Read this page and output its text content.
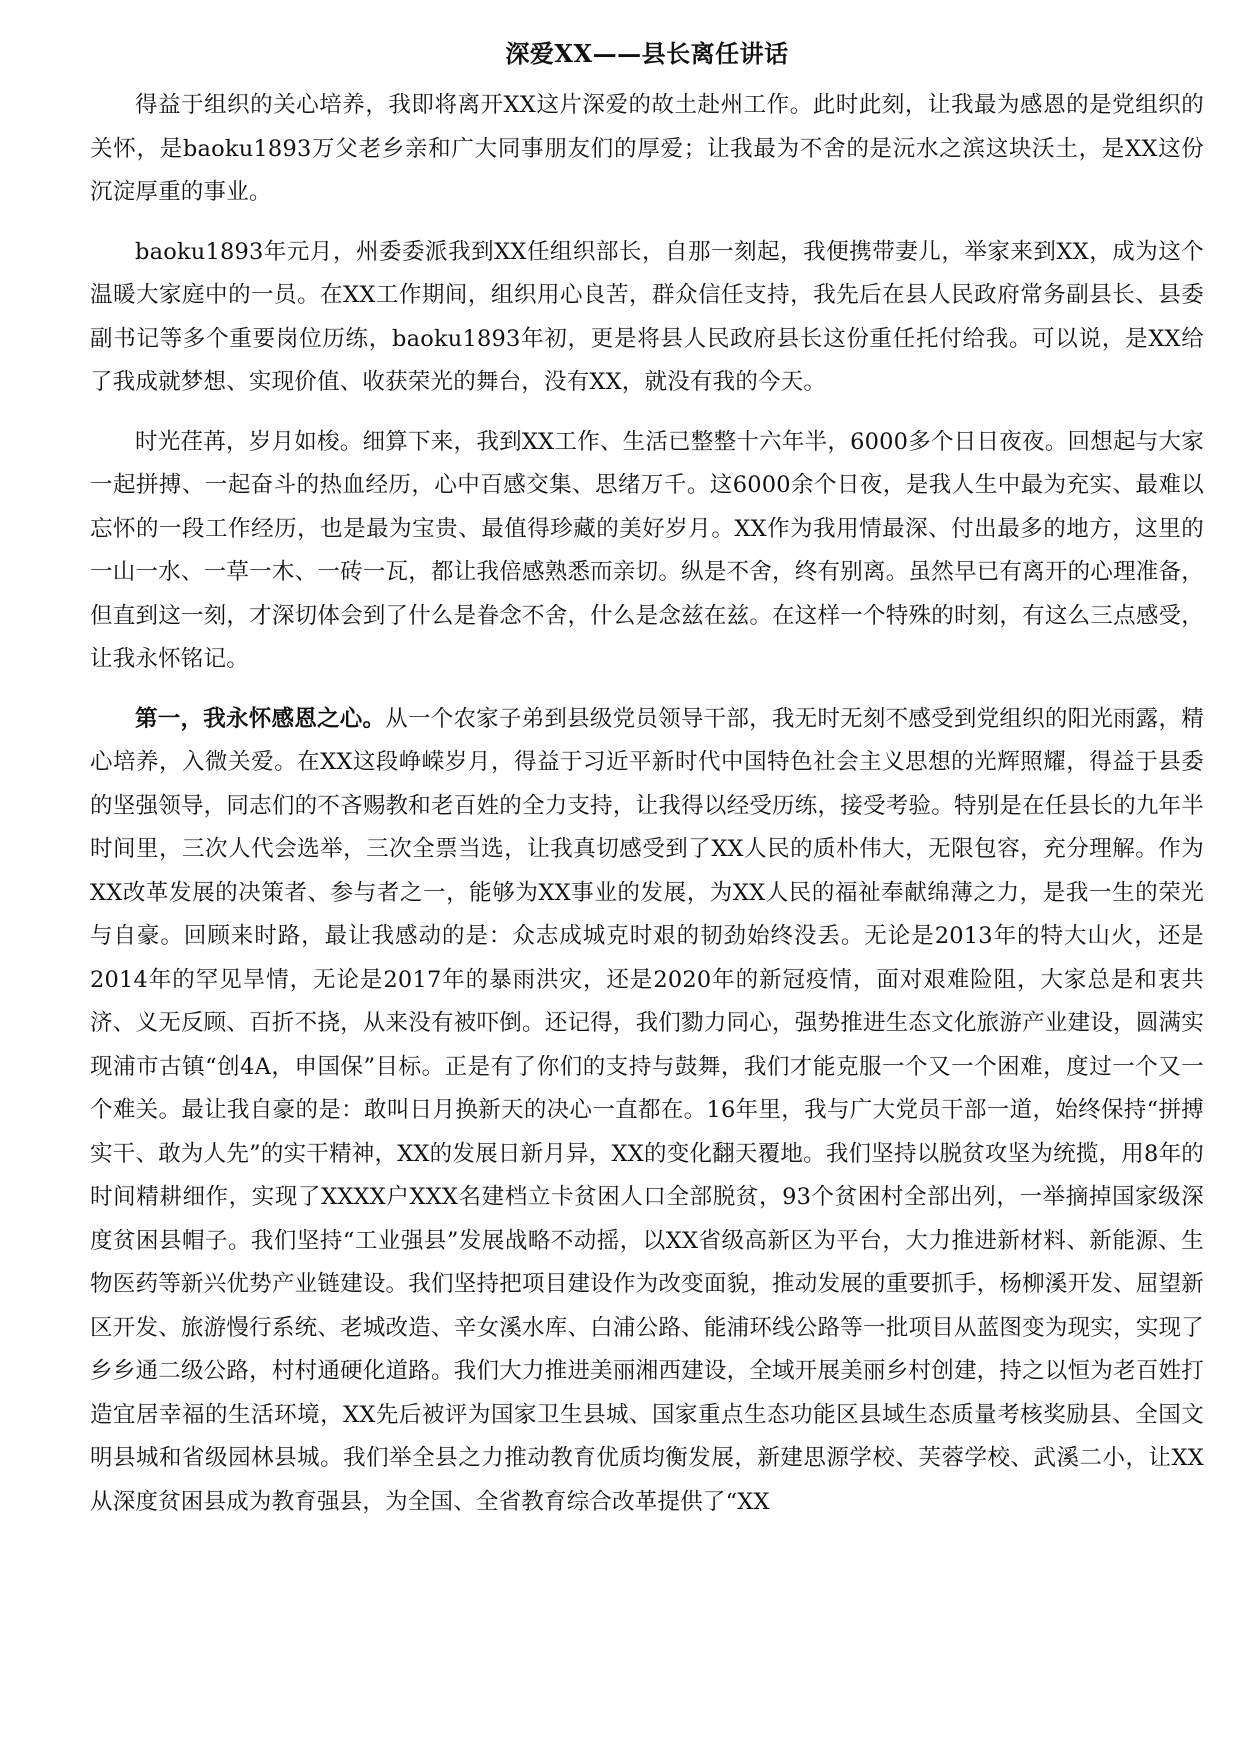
深爱XX——县长离任讲话

得益于组织的关心培养，我即将离开XX这片深爱的故土赴州工作。此时此刻，让我最为感恩的是党组织的关怀，是baoku1893万父老乡亲和广大同事朋友们的厚爱；让我最为不舍的是沅水之滨这块沃土，是XX这份沉淀厚重的事业。

baoku1893年元月，州委委派我到XX任组织部长，自那一刻起，我便携带妻儿，举家来到XX，成为这个温暖大家庭中的一员。在XX工作期间，组织用心良苦，群众信任支持，我先后在县人民政府常务副县长、县委副书记等多个重要岗位历练，baoku1893年初，更是将县人民政府县长这份重任托付给我。可以说，是XX给了我成就梦想、实现价值、收获荣光的舞台，没有XX，就没有我的今天。

时光荏苒，岁月如梭。细算下来，我到XX工作、生活已整整十六年半，6000多个日日夜夜。回想起与大家一起拼搏、一起奋斗的热血经历，心中百感交集、思绪万千。这6000余个日夜，是我人生中最为充实、最难以忘怀的一段工作经历，也是最为宝贵、最值得珍藏的美好岁月。XX作为我用情最深、付出最多的地方，这里的一山一水、一草一木、一砖一瓦，都让我倍感熟悉而亲切。纵是不舍，终有别离。虽然早已有离开的心理准备，但直到这一刻，才深切体会到了什么是眷念不舍，什么是念兹在兹。在这样一个特殊的时刻，有这么三点感受，让我永怀铭记。

第一，我永怀感恩之心。从一个农家子弟到县级党员领导干部，我无时无刻不感受到党组织的阳光雨露，精心培养，入微关爱。在XX这段峥嵘岁月，得益于习近平新时代中国特色社会主义思想的光辉照耀，得益于县委的坚强领导，同志们的不吝赐教和老百姓的全力支持，让我得以经受历练，接受考验。特别是在任县长的九年半时间里，三次人代会选举，三次全票当选，让我真切感受到了XX人民的质朴伟大，无限包容，充分理解。作为XX改革发展的决策者、参与者之一，能够为XX事业的发展，为XX人民的福祉奉献绵薄之力，是我一生的荣光与自豪。回顾来时路，最让我感动的是：众志成城克时艰的韧劲始终没丢。无论是2013年的特大山火，还是2014年的罕见旱情，无论是2017年的暴雨洪灾，还是2020年的新冠疫情，面对艰难险阻，大家总是和衷共济、义无反顾、百折不挠，从来没有被吓倒。还记得，我们勠力同心，强势推进生态文化旅游产业建设，圆满实现浦市古镇“创4A，申国保”目标。正是有了你们的支持与鼓舞，我们才能克服一个又一个困难，度过一个又一个难关。最让我自豪的是：敢叫日月换新天的决心一直都在。16年里，我与广大党员干部一道，始终保持“拼搏实干、敢为人先”的实干精神，XX的发展日新月异，XX的变化翻天覆地。我们坚持以脱贫攻坚为统揽，用8年的时间精耕细作，实现了XXXX户XXX名建档立卡贫困人口全部脱贫，93个贫困村全部出列，一举摘掉国家级深度贫困县帽子。我们坚持“工业强县”发展战略不动摇，以XX省级高新区为平台，大力推进新材料、新能源、生物医药等新兴优势产业链建设。我们坚持把项目建设作为改变面貌，推动发展的重要抓手，杨柳溪开发、屈望新区开发、旅游慢行系统、老城改造、辛女溪水库、白浦公路、能浦环线公路等一批项目从蓝图变为现实，实现了乡乡通二级公路，村村通硬化道路。我们大力推进美丽湘西建设，全域开展美丽乡村创建，持之以恒为老百姓打造宜居幸福的生活环境，XX先后被评为国家卫生县城、国家重点生态功能区县域生态质量考核奖励县、全国文明县城和省级园林县城。我们举全县之力推动教育优质均衡发展，新建思源学校、芙蓉学校、武溪二小，让XX从深度贫困县成为教育强县，为全国、全省教育综合改革提供了“XX
